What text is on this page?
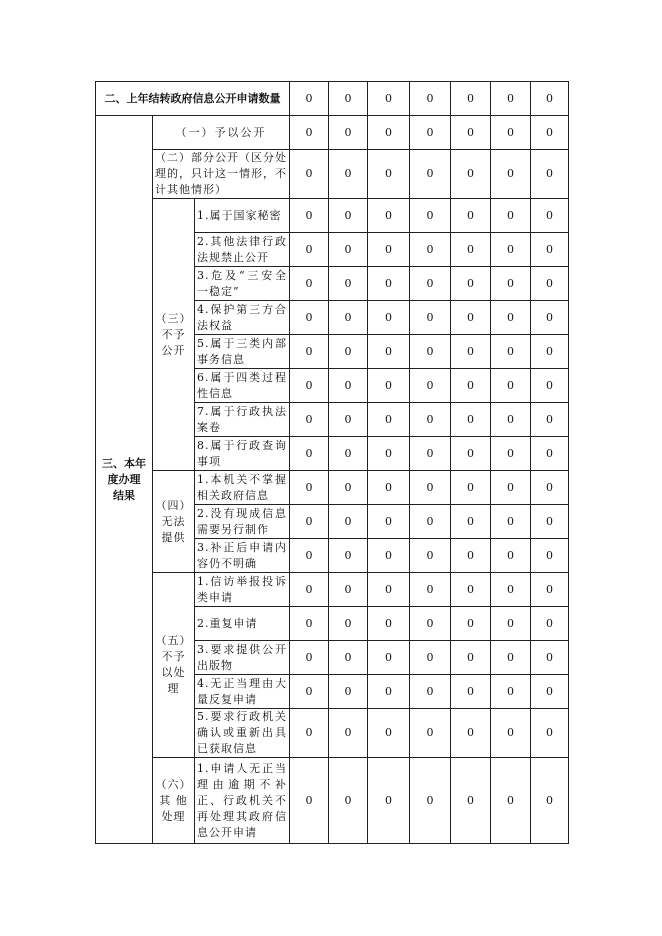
二、上年结转政府信息公开申请数量			0	0	0	0	0	0	0

三、本年
度办理
结果	（一）予以公开		0	0	0	0	0	0	0
	（二）部分公开（区分处理的，只计这一情形，不计其他情形）		0	0	0	0	0	0	0

	（三）
不予
公开	1.属于国家秘密	0	0	0	0	0	0	0
		2.其他法律行政法规禁止公开	0	0	0	0	0	0	0
		3.危及“三安全一稳定”	0	0	0	0	0	0	0
		4.保护第三方合法权益	0	0	0	0	0	0	0
		5.属于三类内部事务信息	0	0	0	0	0	0	0
		6.属于四类过程性信息	0	0	0	0	0	0	0
		7.属于行政执法案卷	0	0	0	0	0	0	0
		8.属于行政查询事项	0	0	0	0	0	0	0

	（四）
无法
提供	1.本机关不掌握相关政府信息	0	0	0	0	0	0	0
		2.没有现成信息需要另行制作	0	0	0	0	0	0	0
		3.补正后申请内容仍不明确	0	0	0	0	0	0	0

	（五）
不予
以处
理	1.信访举报投诉类申请	0	0	0	0	0	0	0
		2.重复申请	0	0	0	0	0	0	0
		3.要求提供公开出版物	0	0	0	0	0	0	0
		4.无正当理由大量反复申请	0	0	0	0	0	0	0
		5.要求行政机关确认或重新出具已获取信息	0	0	0	0	0	0	0

	（六）
其 他
处理	1.申请人无正当理由逾期不补正、行政机关不再处理其政府信息公开申请	0	0	0	0	0	0	0
